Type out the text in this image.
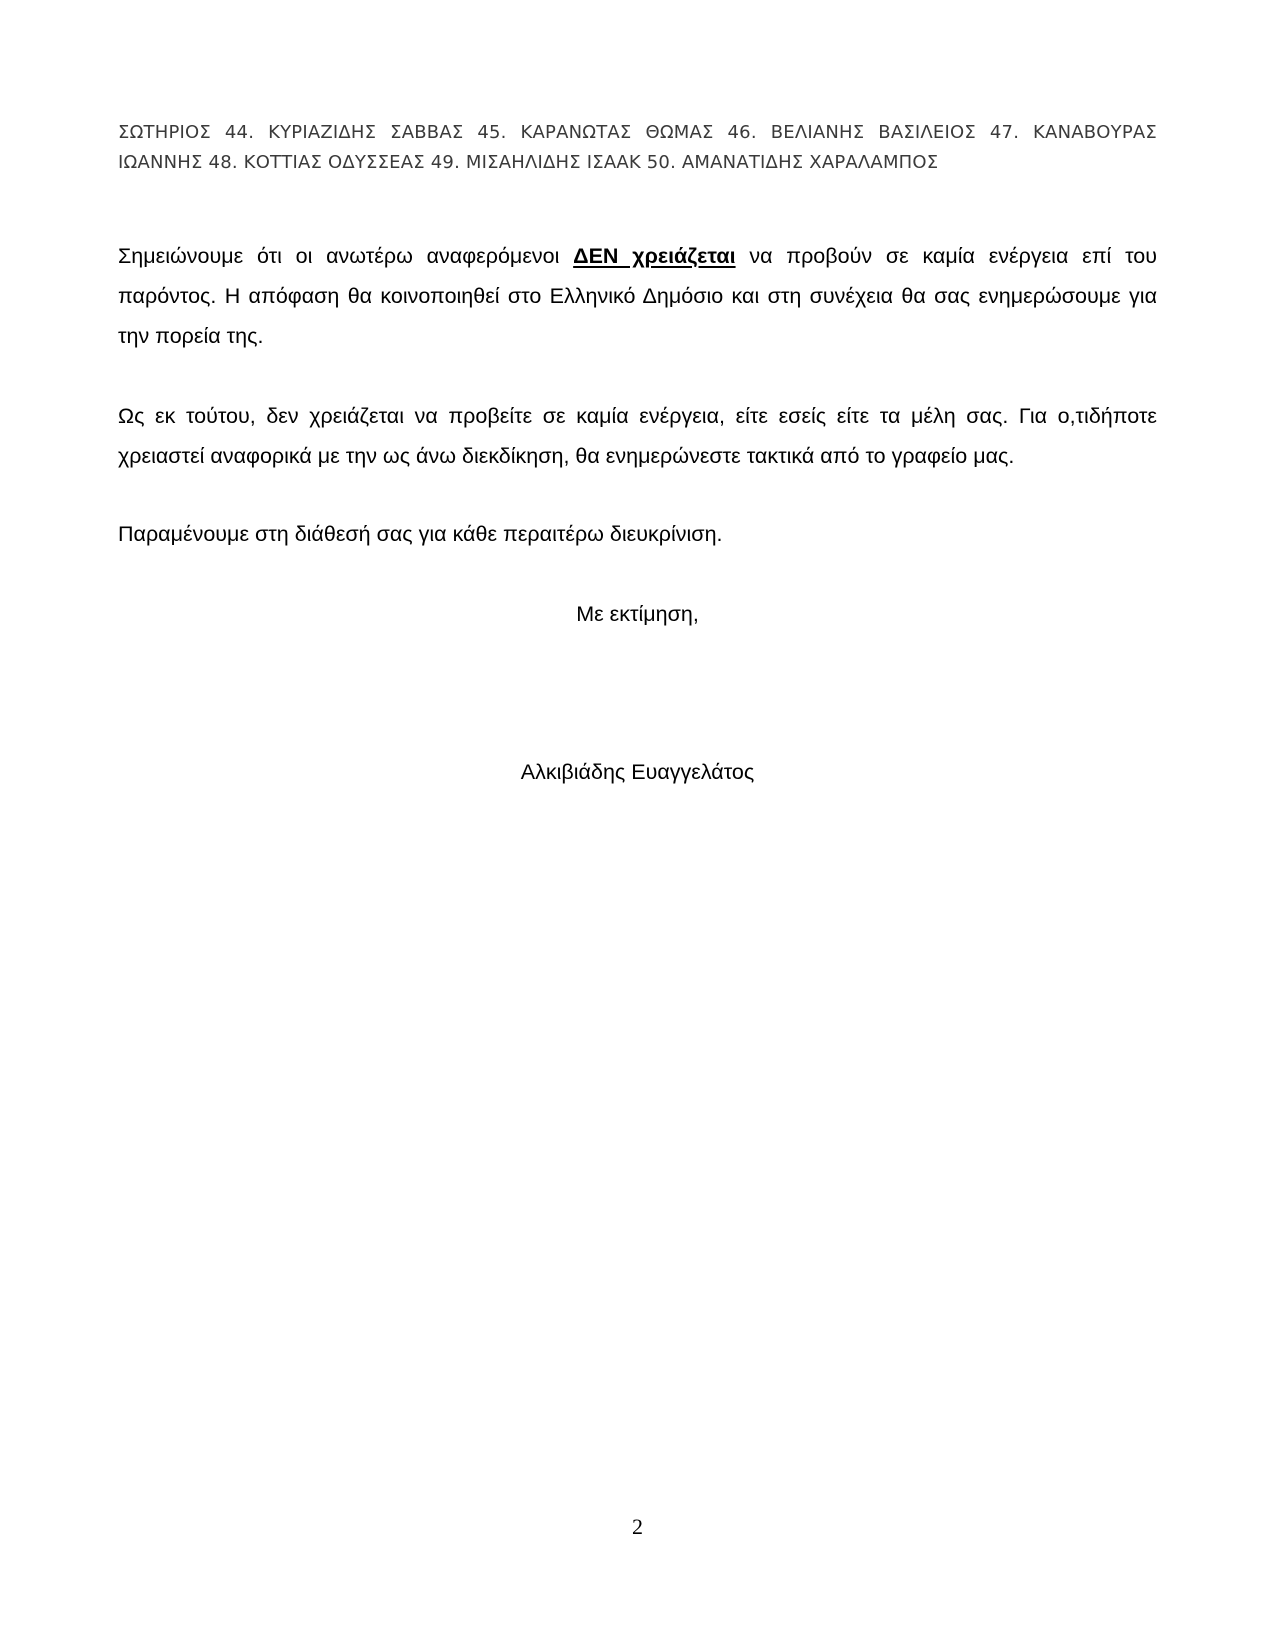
ΣΩΤΗΡΙΟΣ 44. ΚΥΡΙΑΖΙΔΗΣ ΣΑΒΒΑΣ 45. ΚΑΡΑΝΩΤΑΣ ΘΩΜΑΣ 46. ΒΕΛΙΑΝΗΣ ΒΑΣΙΛΕΙΟΣ 47. ΚΑΝΑΒΟΥΡΑΣ ΙΩΑΝΝΗΣ 48. ΚΟΤΤΙΑΣ ΟΔΥΣΣΕΑΣ 49. ΜΙΣΑΗΛΙΔΗΣ ΙΣΑΑΚ 50. ΑΜΑΝΑΤΙΔΗΣ ΧΑΡΑΛΑΜΠΟΣ

Σημειώνουμε ότι οι ανωτέρω αναφερόμενοι ΔΕΝ χρειάζεται να προβούν σε καμία ενέργεια επί του παρόντος. Η απόφαση θα κοινοποιηθεί στο Ελληνικό Δημόσιο και στη συνέχεια θα σας ενημερώσουμε για την πορεία της.

Ως εκ τούτου, δεν χρειάζεται να προβείτε σε καμία ενέργεια, είτε εσείς είτε τα μέλη σας. Για ο,τιδήποτε χρειαστεί αναφορικά με την ως άνω διεκδίκηση, θα ενημερώνεστε τακτικά από το γραφείο μας.

Παραμένουμε στη διάθεσή σας για κάθε περαιτέρω διευκρίνιση.

Με εκτίμηση,

Αλκιβιάδης Ευαγγελάτος

2
